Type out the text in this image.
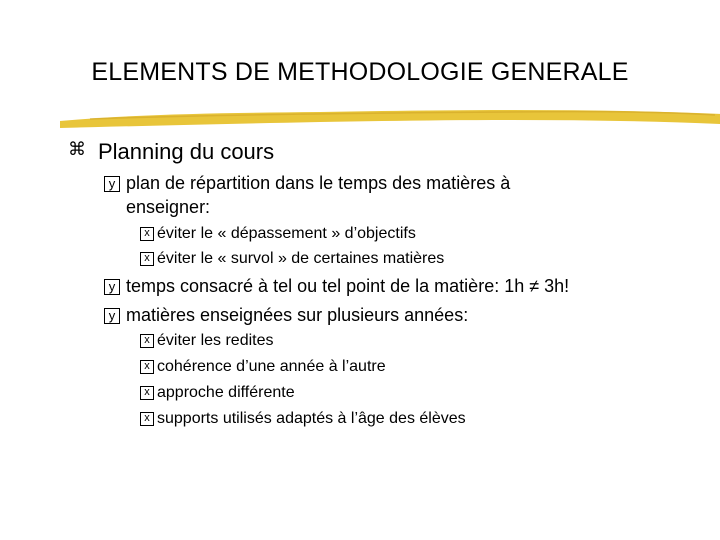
ELEMENTS DE METHODOLOGIE GENERALE
⌘ Planning du cours
y plan de répartition dans le temps des matières à
enseigner:
x éviter le « dépassement » d’objectifs
x éviter le « survol » de certaines matières
y temps consacré à tel ou tel point de la matière: 1h ≠ 3h!
y matières enseignées sur plusieurs années:
x éviter les redites
x cohérence d’une année à l’autre
x approche différente
x supports utilisés adaptés à l’âge des élèves
